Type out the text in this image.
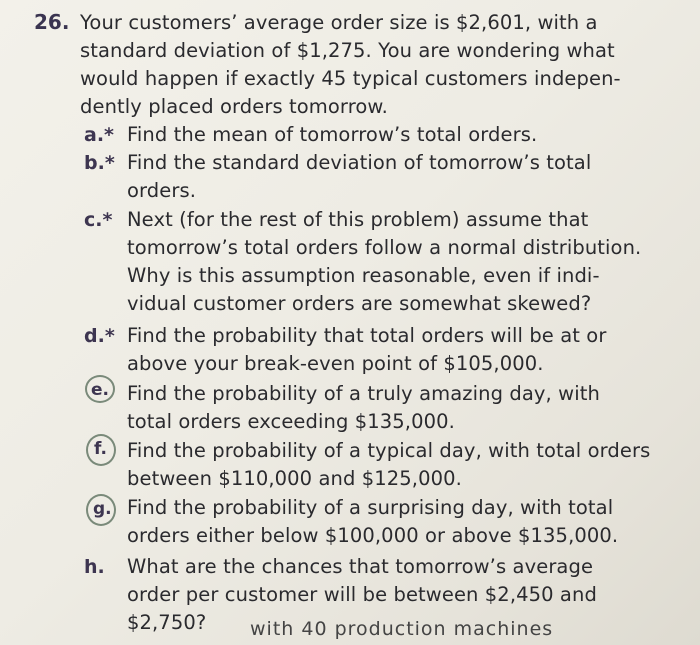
26. Your customers’ average order size is $2,601, with a
standard deviation of $1,275. You are wondering what
would happen if exactly 45 typical customers indepen-
dently placed orders tomorrow.
a.* Find the mean of tomorrow’s total orders.
b.* Find the standard deviation of tomorrow’s total
orders.
c.* Next (for the rest of this problem) assume that
tomorrow’s total orders follow a normal distribution.
Why is this assumption reasonable, even if indi-
vidual customer orders are somewhat skewed?
d.* Find the probability that total orders will be at or
above your break-even point of $105,000.
e. Find the probability of a truly amazing day, with
total orders exceeding $135,000.
f. Find the probability of a typical day, with total orders
between $110,000 and $125,000.
g. Find the probability of a surprising day, with total
orders either below $100,000 or above $135,000.
h. What are the chances that tomorrow’s average
order per customer will be between $2,450 and
$2,750? with 40 production machines
